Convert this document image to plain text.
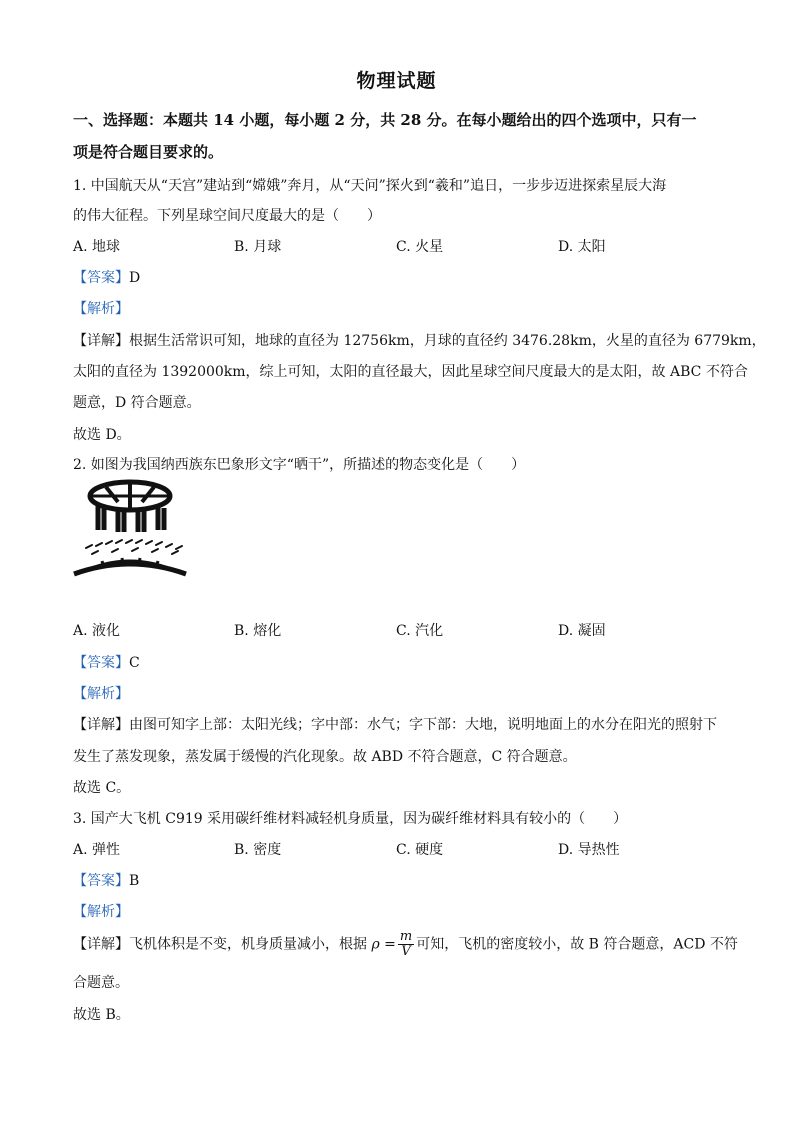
物理试题
一、选择题：本题共 14 小题，每小题 2 分，共 28 分。在每小题给出的四个选项中，只有一
项是符合题目要求的。
1. 中国航天从“天宫”建站到“嫦娥”奔月，从“天问”探火到“羲和”追日，一步步迈进探索星辰大海
的伟大征程。下列星球空间尺度最大的是（　　）
A. 地球	B. 月球	C. 火星	D. 太阳
【答案】D
【解析】
【详解】根据生活常识可知，地球的直径为 12756km，月球的直径约 3476.28km，火星的直径为 6779km，
太阳的直径为 1392000km，综上可知，太阳的直径最大，因此星球空间尺度最大的是太阳，故 ABC 不符合
题意，D 符合题意。
故选 D。
2. 如图为我国纳西族东巴象形文字“晒干”，所描述的物态变化是（　　）
A. 液化	B. 熔化	C. 汽化	D. 凝固
【答案】C
【解析】
【详解】由图可知字上部：太阳光线；字中部：水气；字下部：大地，说明地面上的水分在阳光的照射下
发生了蒸发现象，蒸发属于缓慢的汽化现象。故 ABD 不符合题意，C 符合题意。
故选 C。
3. 国产大飞机 C919 采用碳纤维材料减轻机身质量，因为碳纤维材料具有较小的（　　）
A. 弹性	B. 密度	C. 硬度	D. 导热性
【答案】B
【解析】
【详解】飞机体积是不变，机身质量减小，根据 $\rho = \frac{m}{V}$ 可知，飞机的密度较小，故 B 符合题意，ACD 不符
合题意。
故选 B。
